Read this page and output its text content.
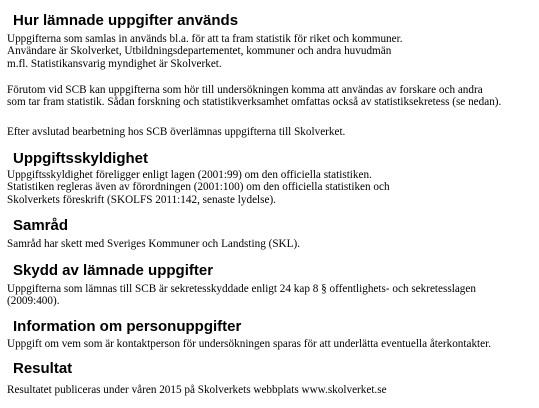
Hur lämnade uppgifter används
Uppgifterna som samlas in används bl.a. för att ta fram statistik för riket och kommuner.
Användare är Skolverket, Utbildningsdepartementet, kommuner och andra huvudmän
m.fl. Statistikansvarig myndighet är Skolverket.
Förutom vid SCB kan uppgifterna som hör till undersökningen komma att användas av forskare och andra
som tar fram statistik. Sådan forskning och statistikverksamhet omfattas också av statistiksekretess (se nedan).
Efter avslutad bearbetning hos SCB överlämnas uppgifterna till Skolverket.
Uppgiftsskyldighet
Uppgiftsskyldighet föreligger enligt lagen (2001:99) om den officiella statistiken.
Statistiken regleras även av förordningen (2001:100) om den officiella statistiken och
Skolverkets föreskrift (SKOLFS 2011:142, senaste lydelse).
Samråd
Samråd har skett med Sveriges Kommuner och Landsting (SKL).
Skydd av lämnade uppgifter
Uppgifterna som lämnas till SCB är sekretesskyddade enligt 24 kap 8 § offentlighets- och sekretesslagen
(2009:400).
Information om personuppgifter
Uppgift om vem som är kontaktperson för undersökningen sparas för att underlätta eventuella återkontakter.
Resultat
Resultatet publiceras under våren 2015 på Skolverkets webbplats www.skolverket.se
